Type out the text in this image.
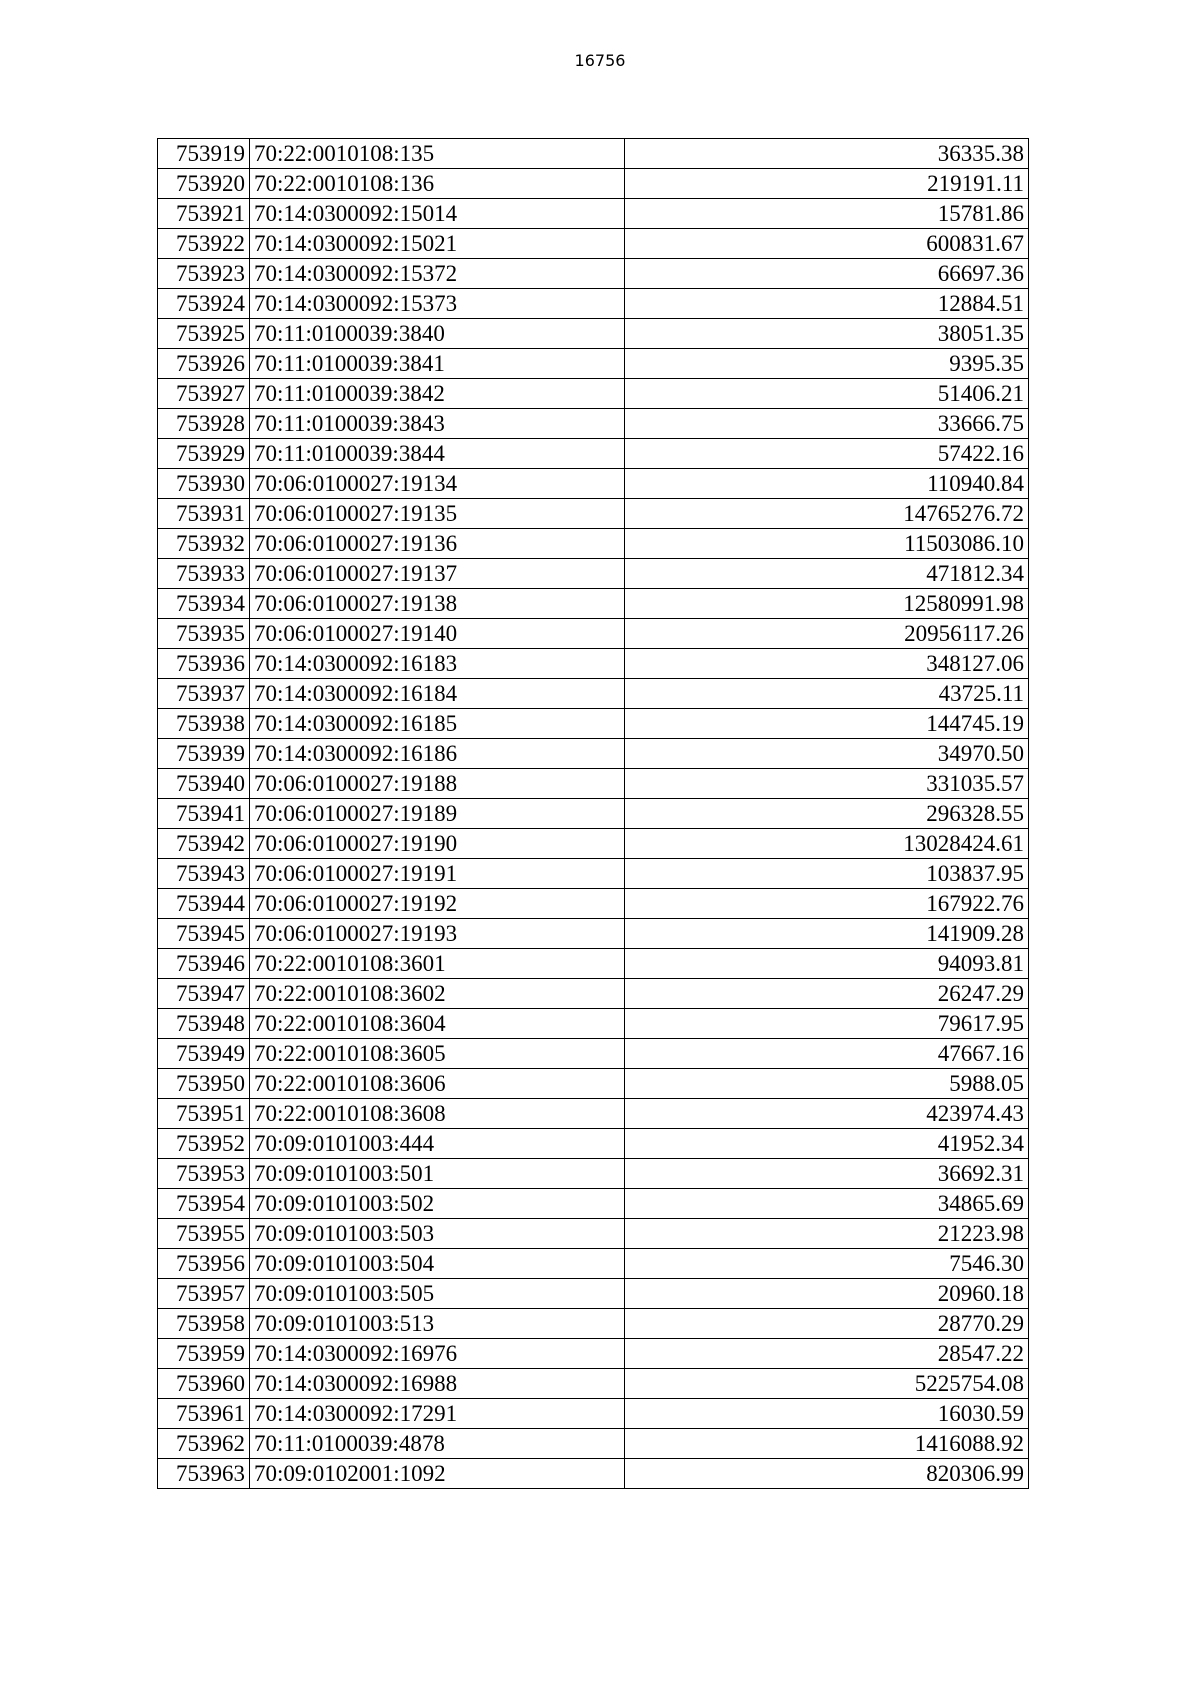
16756
753919	70:22:0010108:135	36335.38
753920	70:22:0010108:136	219191.11
753921	70:14:0300092:15014	15781.86
753922	70:14:0300092:15021	600831.67
753923	70:14:0300092:15372	66697.36
753924	70:14:0300092:15373	12884.51
753925	70:11:0100039:3840	38051.35
753926	70:11:0100039:3841	9395.35
753927	70:11:0100039:3842	51406.21
753928	70:11:0100039:3843	33666.75
753929	70:11:0100039:3844	57422.16
753930	70:06:0100027:19134	110940.84
753931	70:06:0100027:19135	14765276.72
753932	70:06:0100027:19136	11503086.10
753933	70:06:0100027:19137	471812.34
753934	70:06:0100027:19138	12580991.98
753935	70:06:0100027:19140	20956117.26
753936	70:14:0300092:16183	348127.06
753937	70:14:0300092:16184	43725.11
753938	70:14:0300092:16185	144745.19
753939	70:14:0300092:16186	34970.50
753940	70:06:0100027:19188	331035.57
753941	70:06:0100027:19189	296328.55
753942	70:06:0100027:19190	13028424.61
753943	70:06:0100027:19191	103837.95
753944	70:06:0100027:19192	167922.76
753945	70:06:0100027:19193	141909.28
753946	70:22:0010108:3601	94093.81
753947	70:22:0010108:3602	26247.29
753948	70:22:0010108:3604	79617.95
753949	70:22:0010108:3605	47667.16
753950	70:22:0010108:3606	5988.05
753951	70:22:0010108:3608	423974.43
753952	70:09:0101003:444	41952.34
753953	70:09:0101003:501	36692.31
753954	70:09:0101003:502	34865.69
753955	70:09:0101003:503	21223.98
753956	70:09:0101003:504	7546.30
753957	70:09:0101003:505	20960.18
753958	70:09:0101003:513	28770.29
753959	70:14:0300092:16976	28547.22
753960	70:14:0300092:16988	5225754.08
753961	70:14:0300092:17291	16030.59
753962	70:11:0100039:4878	1416088.92
753963	70:09:0102001:1092	820306.99
